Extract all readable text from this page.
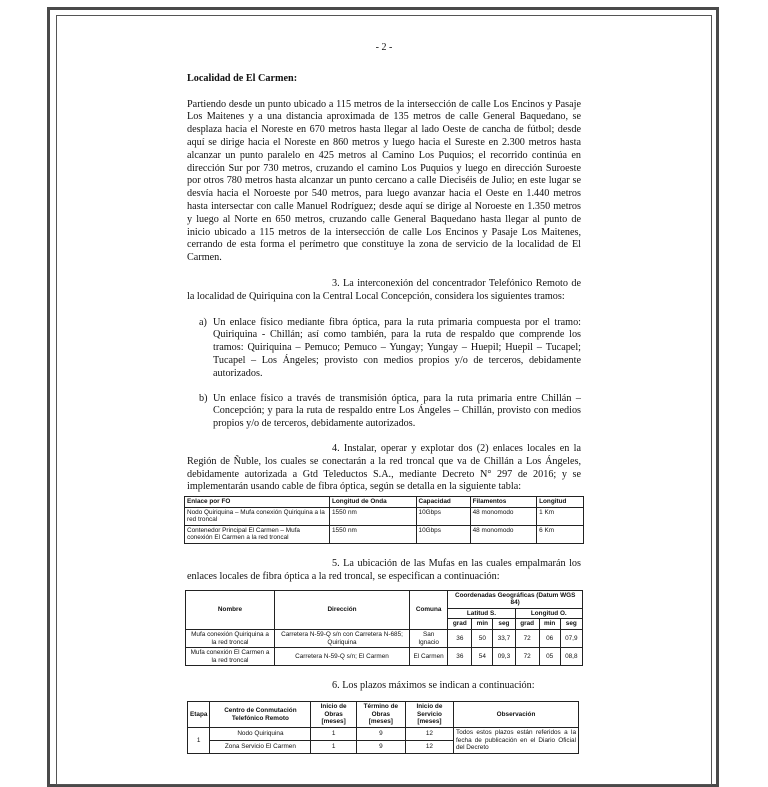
- 2 -

Localidad de El Carmen:

Partiendo desde un punto ubicado a 115 metros de la intersección de calle Los Encinos y Pasaje Los Maitenes y a una distancia aproximada de 135 metros de calle General Baquedano, se desplaza hacia el Noreste en 670 metros hasta llegar al lado Oeste de cancha de fútbol; desde aquí se dirige hacia el Noreste en 860 metros y luego hacia el Sureste en 2.300 metros hasta alcanzar un punto paralelo en 425 metros al Camino Los Puquios; el recorrido continúa en dirección Sur por 730 metros, cruzando el camino Los Puquios y luego en dirección Suroeste por otros 780 metros hasta alcanzar un punto cercano a calle Dieciséis de Julio; en este lugar se desvía hacia el Noroeste por 540 metros, para luego avanzar hacia el Oeste en 1.440 metros hasta intersectar con calle Manuel Rodríguez; desde aquí se dirige al Noroeste en 1.350 metros y luego al Norte en 650 metros, cruzando calle General Baquedano hasta llegar al punto de inicio ubicado a 115 metros de la intersección de calle Los Encinos y Pasaje Los Maitenes, cerrando de esta forma el perímetro que constituye la zona de servicio de la localidad de El Carmen.

3. La interconexión del concentrador Telefónico Remoto de la localidad de Quiriquina con la Central Local Concepción, considera los siguientes tramos:

a) Un enlace físico mediante fibra óptica, para la ruta primaria compuesta por el tramo: Quiriquina - Chillán; así como también, para la ruta de respaldo que comprende los tramos: Quiriquina – Pemuco; Pemuco – Yungay; Yungay – Huepil; Huepil – Tucapel; Tucapel – Los Ángeles; provisto con medios propios y/o de terceros, debidamente autorizados.
b) Un enlace físico a través de transmisión óptica, para la ruta primaria entre Chillán – Concepción; y para la ruta de respaldo entre Los Ángeles – Chillán, provisto con medios propios y/o de terceros, debidamente autorizados.

4. Instalar, operar y explotar dos (2) enlaces locales en la Región de Ñuble, los cuales se conectarán a la red troncal que va de Chillán a Los Ángeles, debidamente autorizada a Gtd Teleductos S.A., mediante Decreto N° 297 de 2016; y se implementarán usando cable de fibra óptica, según se detalla en la siguiente tabla:

Enlace por FO	Longitud de Onda	Capacidad	Filamentos	Longitud
Nodo Quiriquina – Mufa conexión Quiriquina a la red troncal	1550 nm	10Gbps	48 monomodo	1 Km
Contenedor Principal El Carmen – Mufa conexión El Carmen a la red troncal	1550 nm	10Gbps	48 monomodo	6 Km

5. La ubicación de las Mufas en las cuales empalmarán los enlaces locales de fibra óptica a la red troncal, se especifican a continuación:

Nombre	Dirección	Comuna	Coordenadas Geográficas (Datum WGS 84)					
			Latitud S.			Longitud O.		
			grad	min	seg	grad	min	seg
Mufa conexión Quiriquina a la red troncal	Carretera N-59-Q s/n con Carretera N-685; Quiriquina	San Ignacio	36	50	33,7	72	06	07,9
Mufa conexión El Carmen a la red troncal	Carretera N-59-Q s/n; El Carmen	El Carmen	36	54	09,3	72	05	08,8

6. Los plazos máximos se indican a continuación:

Etapa	Centro de Conmutación Telefónico Remoto	Inicio de Obras [meses]	Término de Obras [meses]	Inicio de Servicio [meses]	Observación
1	Nodo Quiriquina	1	9	12	Todos estos plazos están referidos a la fecha de publicación en el Diario Oficial del Decreto
	Zona Servicio El Carmen	1	9	12	
